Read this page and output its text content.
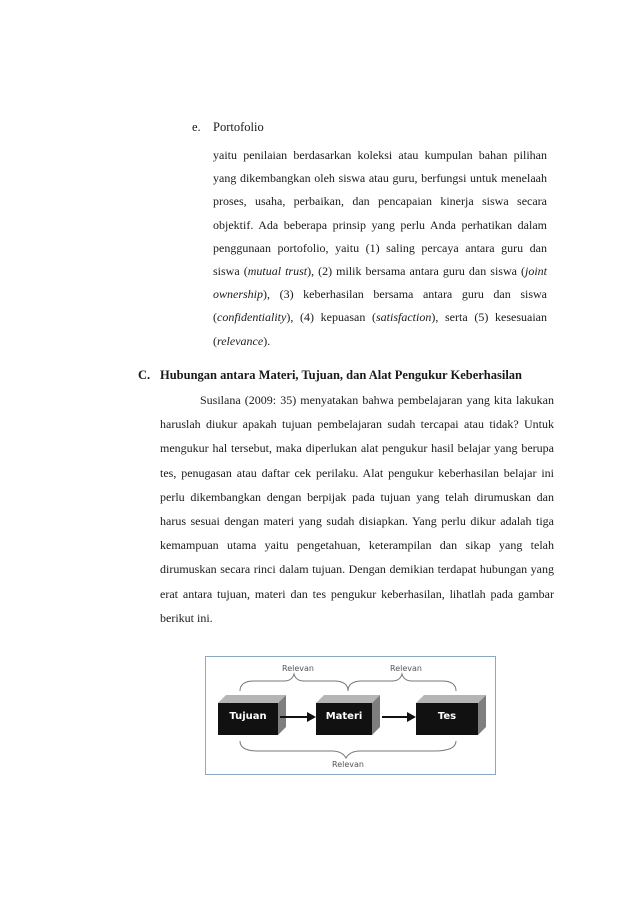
e. Portofolio
yaitu penilaian berdasarkan koleksi atau kumpulan bahan pilihan yang dikembangkan oleh siswa atau guru, berfungsi untuk menelaah proses, usaha, perbaikan, dan pencapaian kinerja siswa secara objektif. Ada beberapa prinsip yang perlu Anda perhatikan dalam penggunaan portofolio, yaitu (1) saling percaya antara guru dan siswa (mutual trust), (2) milik bersama antara guru dan siswa (joint ownership), (3) keberhasilan bersama antara guru dan siswa (confidentiality), (4) kepuasan (satisfaction), serta (5) kesesuaian (relevance).
C. Hubungan antara Materi, Tujuan, dan Alat Pengukur Keberhasilan
Susilana (2009: 35) menyatakan bahwa pembelajaran yang kita lakukan haruslah diukur apakah tujuan pembelajaran sudah tercapai atau tidak? Untuk mengukur hal tersebut, maka diperlukan alat pengukur hasil belajar yang berupa tes, penugasan atau daftar cek perilaku. Alat pengukur keberhasilan belajar ini perlu dikembangkan dengan berpijak pada tujuan yang telah dirumuskan dan harus sesuai dengan materi yang sudah disiapkan. Yang perlu dikur adalah tiga kemampuan utama yaitu pengetahuan, keterampilan dan sikap yang telah dirumuskan secara rinci dalam tujuan. Dengan demikian terdapat hubungan yang erat antara tujuan, materi dan tes pengukur keberhasilan, lihatlah pada gambar berikut ini.
Relevan	Relevan
Relevan
Tujuan	Materi	Tes
